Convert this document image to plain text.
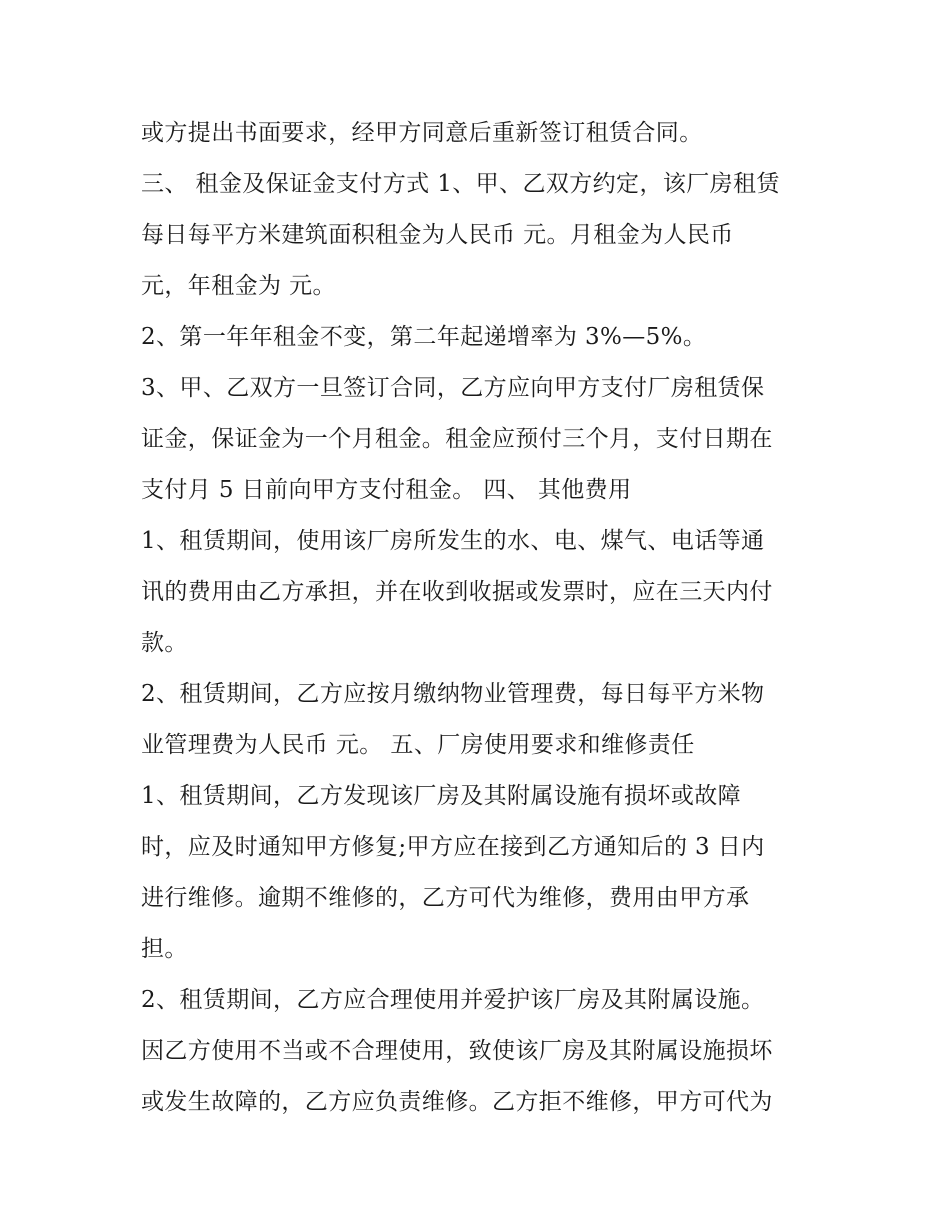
或方提出书面要求，经甲方同意后重新签订租赁合同。
三、 租金及保证金支付方式 1、甲、乙双方约定，该厂房租赁
每日每平方米建筑面积租金为人民币 元。月租金为人民币
元，年租金为 元。
2、第一年年租金不变，第二年起递增率为 3%—5%。
3、甲、乙双方一旦签订合同，乙方应向甲方支付厂房租赁保
证金，保证金为一个月租金。租金应预付三个月，支付日期在
支付月 5 日前向甲方支付租金。 四、 其他费用
1、租赁期间，使用该厂房所发生的水、电、煤气、电话等通
讯的费用由乙方承担，并在收到收据或发票时，应在三天内付
款。
2、租赁期间，乙方应按月缴纳物业管理费，每日每平方米物
业管理费为人民币 元。 五、厂房使用要求和维修责任
1、租赁期间，乙方发现该厂房及其附属设施有损坏或故障
时，应及时通知甲方修复;甲方应在接到乙方通知后的 3 日内
进行维修。逾期不维修的，乙方可代为维修，费用由甲方承
担。
2、租赁期间，乙方应合理使用并爱护该厂房及其附属设施。
因乙方使用不当或不合理使用，致使该厂房及其附属设施损坏
或发生故障的，乙方应负责维修。乙方拒不维修，甲方可代为
